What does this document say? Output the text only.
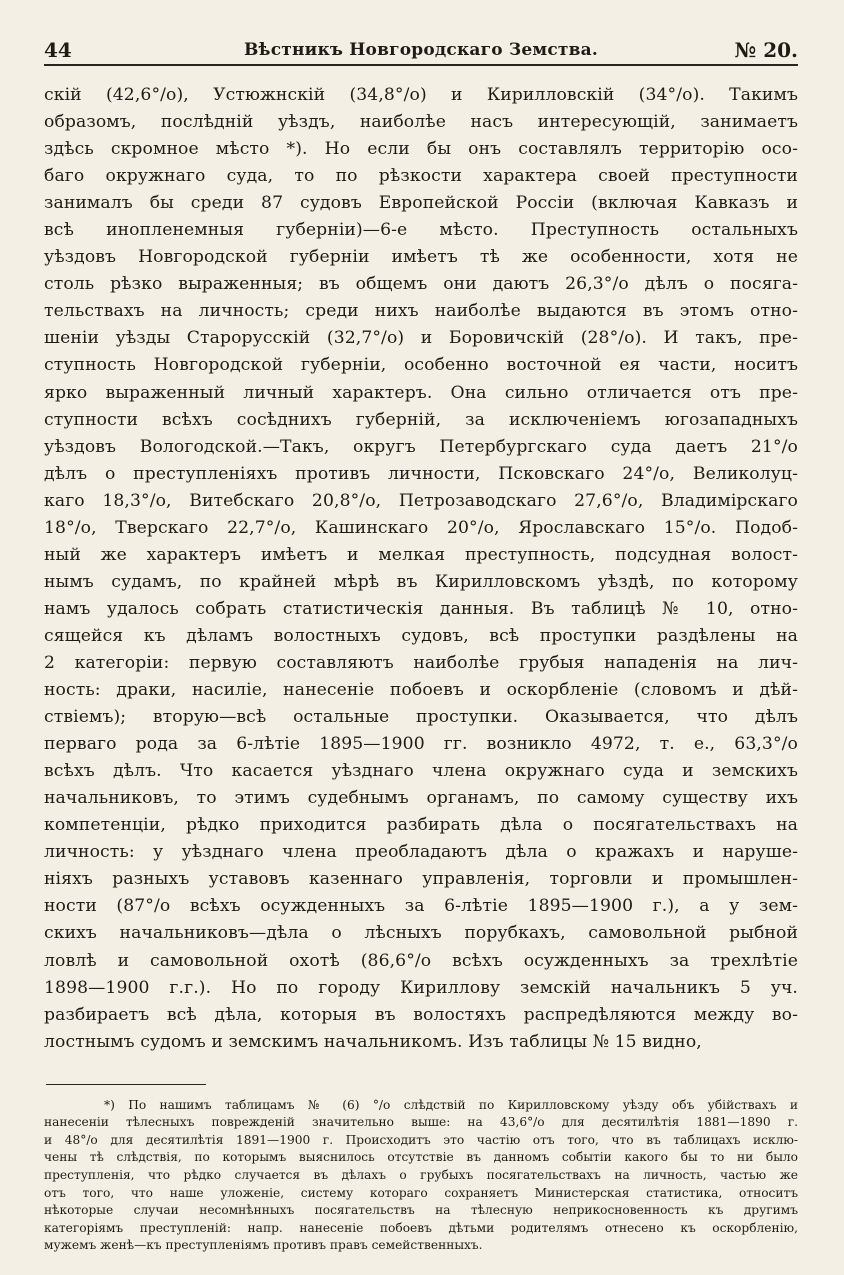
44	Вѣстникъ Новгородскаго Земства.	№ 20.
скій (42,6°/о), Устюжнскій (34,8°/о) и Кирилловскій (34°/о). Такимъ
образомъ, послѣдній уѣздъ, наиболѣе насъ интересующій, занимаетъ
здѣсь скромное мѣсто *). Но если бы онъ составлялъ территорію осо-
баго окружнаго суда, то по рѣзкости характера своей преступности
занималъ бы среди 87 судовъ Европейской Россіи (включая Кавказъ и
всѣ инопленемныя губерніи)—6-е мѣсто. Преступность остальныхъ
уѣздовъ Новгородской губерніи имѣетъ тѣ же особенности, хотя не
столь рѣзко выраженныя; въ общемъ они даютъ 26,3°/о дѣлъ о посяга-
тельствахъ на личность; среди нихъ наиболѣе выдаются въ этомъ отно-
шеніи уѣзды Старорусскій (32,7°/о) и Боровичскій (28°/о). И такъ, пре-
ступность Новгородской губерніи, особенно восточной ея части, носитъ
ярко выраженный личный характеръ. Она сильно отличается отъ пре-
ступности всѣхъ сосѣднихъ губерній, за исключеніемъ югозападныхъ
уѣздовъ Вологодской.—Такъ, округъ Петербургскаго суда даетъ 21°/о
дѣлъ о преступленіяхъ противъ личности, Псковскаго 24°/о, Великолуц-
каго 18,3°/о, Витебскаго 20,8°/о, Петрозаводскаго 27,6°/о, Владимірскаго
18°/о, Тверскаго 22,7°/о, Кашинскаго 20°/о, Ярославскаго 15°/о. Подоб-
ный же характеръ имѣетъ и мелкая преступность, подсудная волост-
нымъ судамъ, по крайней мѣрѣ въ Кирилловскомъ уѣздѣ, по которому
намъ удалось собрать статистическія данныя. Въ таблицѣ № 10, отно-
сящейся къ дѣламъ волостныхъ судовъ, всѣ проступки раздѣлены на
2 категоріи: первую составляютъ наиболѣе грубыя нападенія на лич-
ность: драки, насиліе, нанесеніе побоевъ и оскорбленіе (словомъ и дѣй-
ствіемъ); вторую—всѣ остальные проступки. Оказывается, что дѣлъ
перваго рода за 6-лѣтіе 1895—1900 гг. возникло 4972, т. е., 63,3°/о
всѣхъ дѣлъ. Что касается уѣзднаго члена окружнаго суда и земскихъ
начальниковъ, то этимъ судебнымъ органамъ, по самому существу ихъ
компетенціи, рѣдко приходится разбирать дѣла о посягательствахъ на
личность: у уѣзднаго члена преобладаютъ дѣла о кражахъ и наруше-
ніяхъ разныхъ уставовъ казеннаго управленія, торговли и промышлен-
ности (87°/о всѣхъ осужденныхъ за 6-лѣтіе 1895—1900 г.), а у зем-
скихъ начальниковъ—дѣла о лѣсныхъ порубкахъ, самовольной рыбной
ловлѣ и самовольной охотѣ (86,6°/о всѣхъ осужденныхъ за трехлѣтіе
1898—1900 г.г.). Но по городу Кириллову земскій начальникъ 5 уч.
разбираетъ всѣ дѣла, которыя въ волостяхъ распредѣляются между во-
лостнымъ судомъ и земскимъ начальникомъ. Изъ таблицы № 15 видно,
*) По нашимъ таблицамъ № (6) °/о слѣдствій по Кирилловскому уѣзду объ убійствахъ и
нанесеніи тѣлесныхъ поврежденій значительно выше: на 43,6°/о для десятилѣтія 1881—1890 г.
и 48°/о для десятилѣтія 1891—1900 г. Происходитъ это частію отъ того, что въ таблицахъ исклю-
чены тѣ слѣдствія, по которымъ выяснилось отсутствіе въ данномъ событіи какого бы то ни было
преступленія, что рѣдко случается въ дѣлахъ о грубыхъ посягательствахъ на личность, частью же
отъ того, что наше уложеніе, систему котораго сохраняетъ Министерская статистика, относитъ
нѣкоторые случаи несомнѣнныхъ посягательствъ на тѣлесную неприкосновенность къ другимъ
категоріямъ преступленій: напр. нанесеніе побоевъ дѣтьми родителямъ отнесено къ оскорбленію,
мужемъ женѣ—къ преступленіямъ противъ правъ семейственныхъ.
